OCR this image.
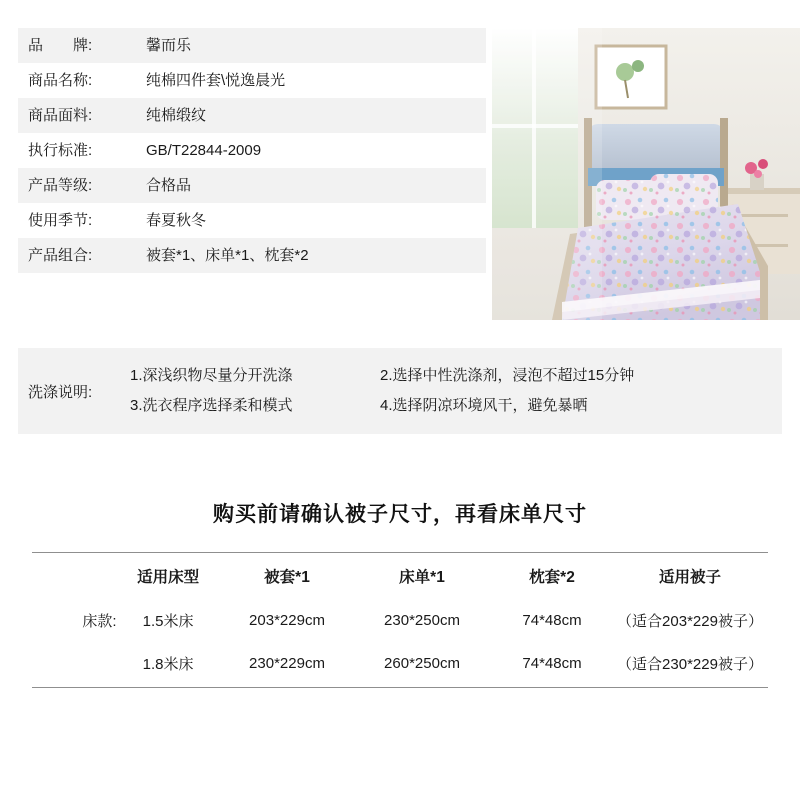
品　　牌:	馨而乐
商品名称:	纯棉四件套\悦逸晨光
商品面料:	纯棉缎纹
执行标准:	GB/T22844-2009
产品等级:	合格品
使用季节:	春夏秋冬
产品组合:	被套*1、床单*1、枕套*2
洗涤说明:
1.深浅织物尽量分开洗涤	2.选择中性洗涤剂，浸泡不超过15分钟
3.洗衣程序选择柔和模式	4.选择阴凉环境风干，避免暴晒
购买前请确认被子尺寸，再看床单尺寸
适用床型	被套*1	床单*1	枕套*2	适用被子
床款: 1.5米床	203*229cm	230*250cm	74*48cm	（适合203*229被子）
1.8米床	230*229cm	260*250cm	74*48cm	（适合230*229被子）
